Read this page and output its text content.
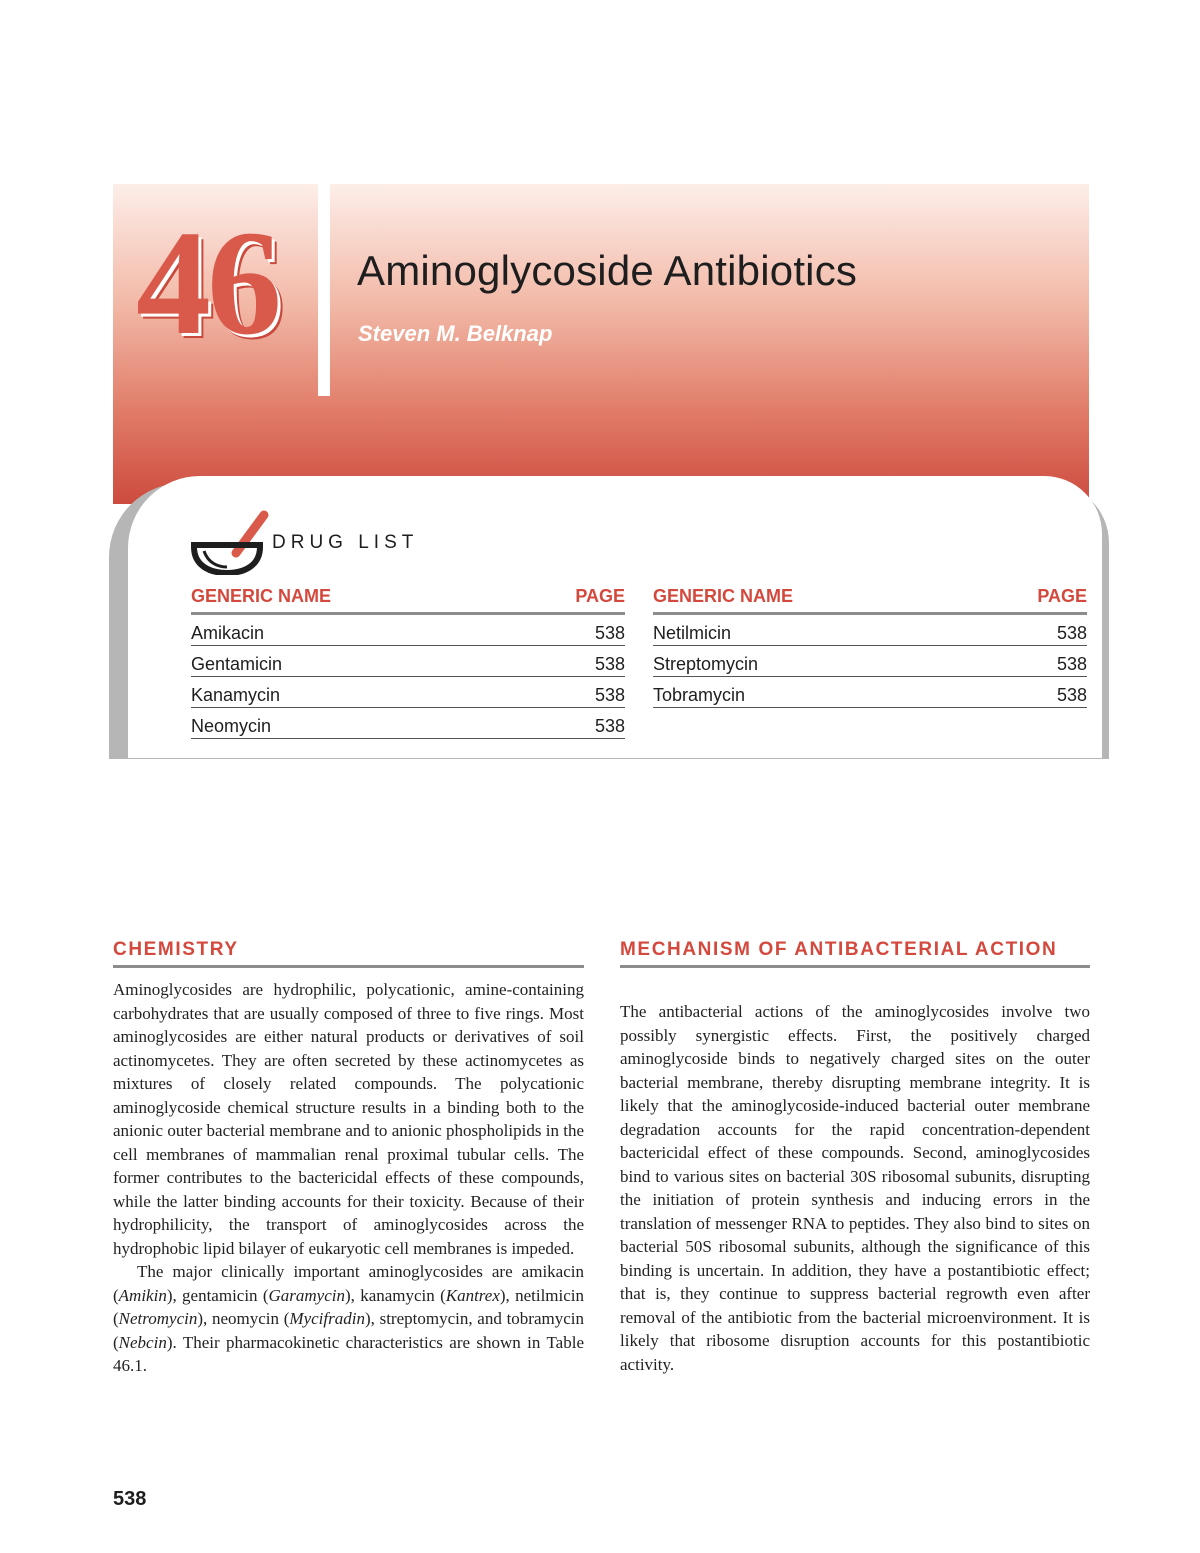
46 Aminoglycoside Antibiotics
Steven M. Belknap
DRUG LIST
GENERIC NAME	PAGE
Amikacin	538
Gentamicin	538
Kanamycin	538
Neomycin	538
GENERIC NAME	PAGE
Netilmicin	538
Streptomycin	538
Tobramycin	538
CHEMISTRY

Aminoglycosides are hydrophilic, polycationic, amine-containing carbohydrates that are usually composed of three to five rings. Most aminoglycosides are either natural products or derivatives of soil actinomycetes. They are often secreted by these actinomycetes as mixtures of closely related compounds. The polycationic aminoglycoside chemical structure results in a binding both to the anionic outer bacterial membrane and to anionic phospholipids in the cell membranes of mammalian renal proximal tubular cells. The former contributes to the bactericidal effects of these compounds, while the latter binding accounts for their toxicity. Because of their hydrophilicity, the transport of aminoglycosides across the hydrophobic lipid bilayer of eukaryotic cell membranes is impeded.

The major clinically important aminoglycosides are amikacin (Amikin), gentamicin (Garamycin), kanamycin (Kantrex), netilmicin (Netromycin), neomycin (Mycifradin), streptomycin, and tobramycin (Nebcin). Their pharmacokinetic characteristics are shown in Table 46.1.

MECHANISM OF ANTIBACTERIAL ACTION

The antibacterial actions of the aminoglycosides involve two possibly synergistic effects. First, the positively charged aminoglycoside binds to negatively charged sites on the outer bacterial membrane, thereby disrupting membrane integrity. It is likely that the aminoglycoside-induced bacterial outer membrane degradation accounts for the rapid concentration-dependent bactericidal effect of these compounds. Second, aminoglycosides bind to various sites on bacterial 30S ribosomal subunits, disrupting the initiation of protein synthesis and inducing errors in the translation of messenger RNA to peptides. They also bind to sites on bacterial 50S ribosomal subunits, although the significance of this binding is uncertain. In addition, they have a postantibiotic effect; that is, they continue to suppress bacterial regrowth even after removal of the antibiotic from the bacterial microenvironment. It is likely that ribosome disruption accounts for this postantibiotic activity.

538
